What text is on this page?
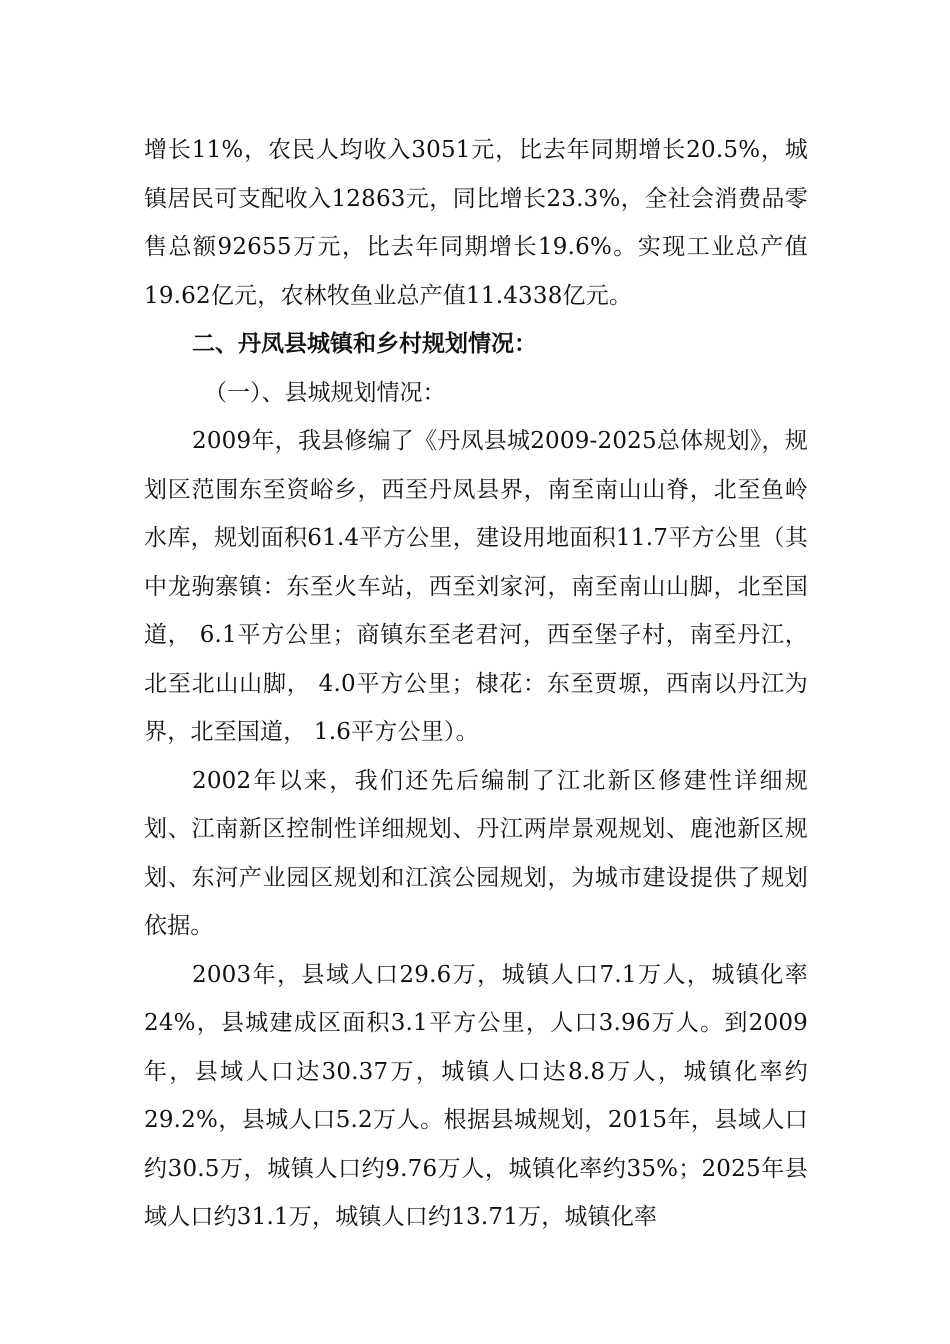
增长11%，农民人均收入3051元，比去年同期增长20.5%，城镇居民可支配收入12863元，同比增长23.3%，全社会消费品零售总额92655万元，比去年同期增长19.6%。实现工业总产值19.62亿元，农林牧鱼业总产值11.4338亿元。

二、丹凤县城镇和乡村规划情况：

（一）、县城规划情况：

2009年，我县修编了《丹凤县城2009-2025总体规划》，规划区范围东至资峪乡，西至丹凤县界，南至南山山脊，北至鱼岭水库，规划面积61.4平方公里，建设用地面积11.7平方公里（其中龙驹寨镇：东至火车站，西至刘家河，南至南山山脚，北至国道， 6.1平方公里；商镇东至老君河，西至堡子村，南至丹江，北至北山山脚， 4.0平方公里；棣花：东至贾塬，西南以丹江为界，北至国道， 1.6平方公里）。

2002年以来，我们还先后编制了江北新区修建性详细规划、江南新区控制性详细规划、丹江两岸景观规划、鹿池新区规划、东河产业园区规划和江滨公园规划，为城市建设提供了规划依据。

2003年，县域人口29.6万，城镇人口7.1万人，城镇化率24%，县城建成区面积3.1平方公里，人口3.96万人。到2009年，县域人口达30.37万，城镇人口达8.8万人，城镇化率约29.2%，县城人口5.2万人。根据县城规划，2015年，县域人口约30.5万，城镇人口约9.76万人，城镇化率约35%；2025年县域人口约31.1万，城镇人口约13.71万，城镇化率
